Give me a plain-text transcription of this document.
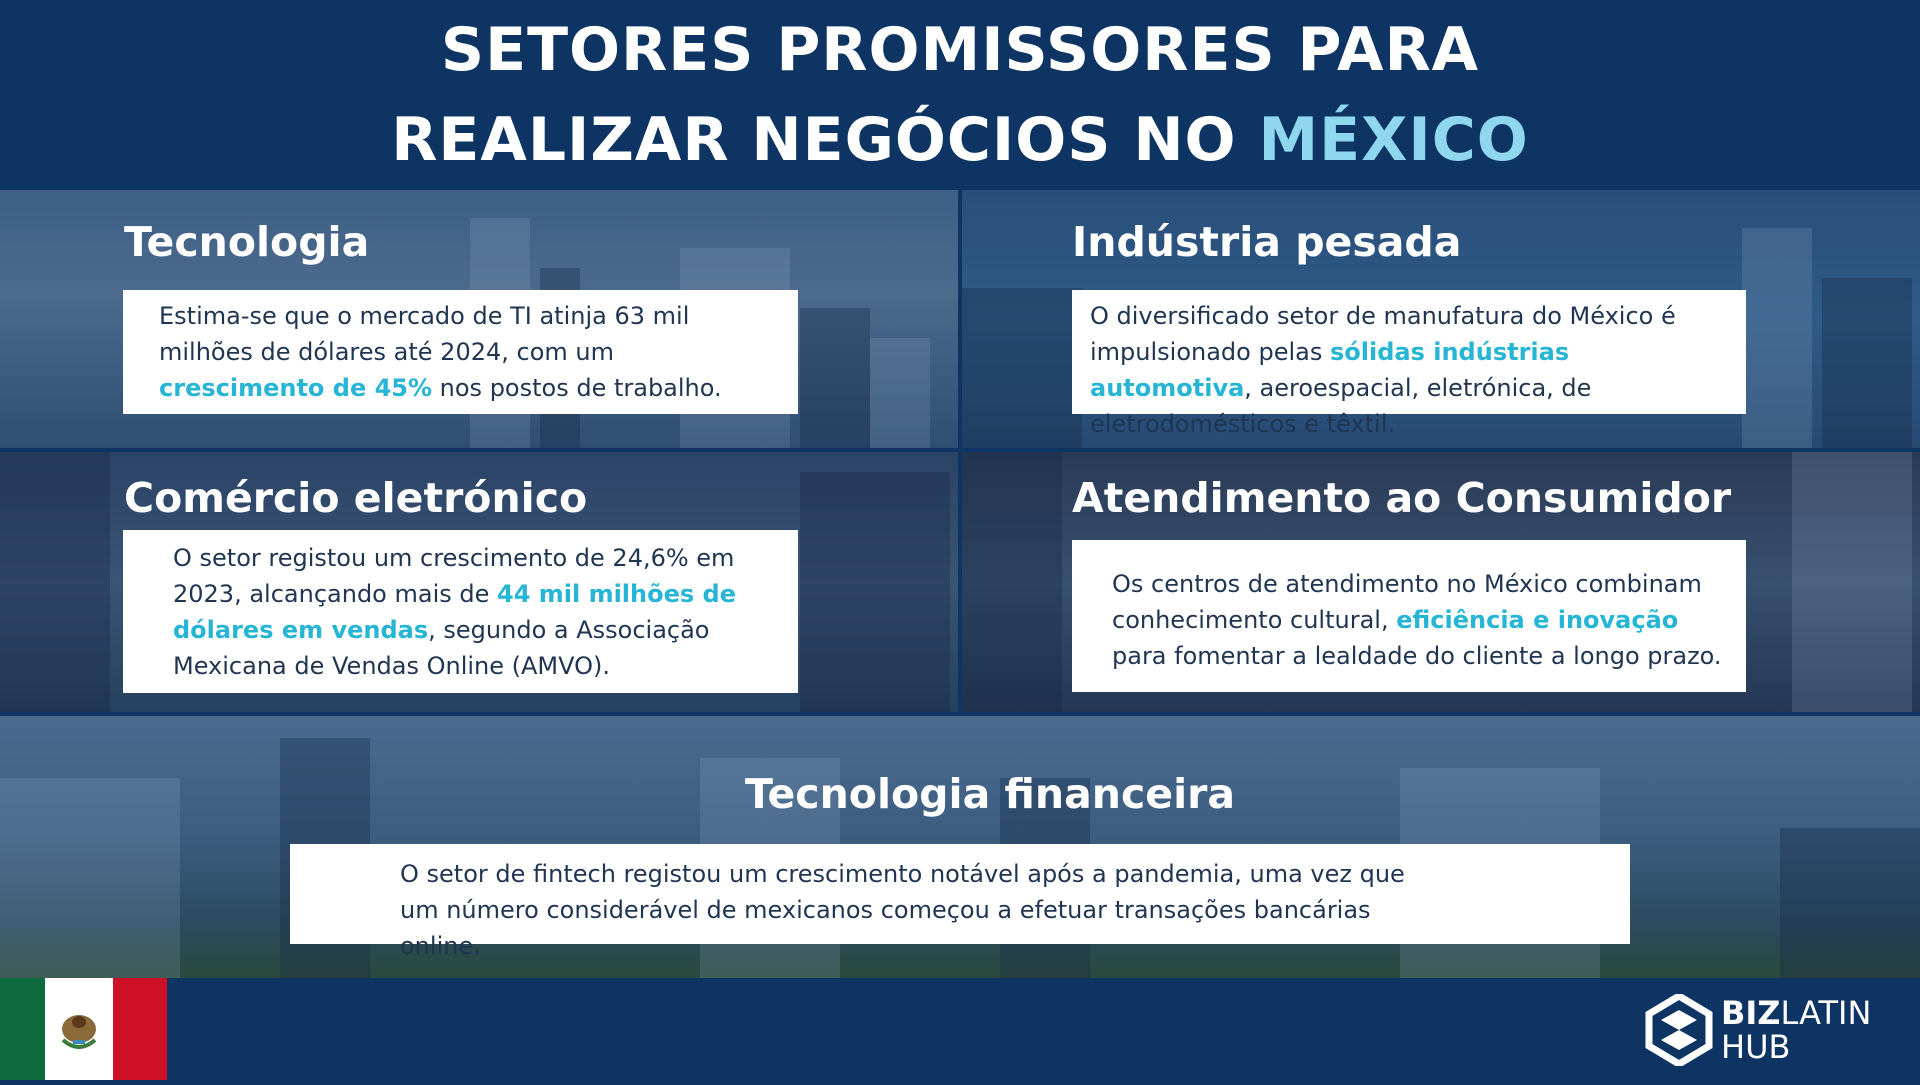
SETORES PROMISSORES PARA
REALIZAR NEGÓCIOS NO MÉXICO
Tecnologia
Estima-se que o mercado de TI atinja 63 mil milhões de dólares até 2024, com um crescimento de 45% nos postos de trabalho.
Indústria pesada
O diversificado setor de manufatura do México é impulsionado pelas sólidas indústrias automotiva, aeroespacial, eletrónica, de eletrodomésticos e têxtil.
Comércio eletrónico
O setor registou um crescimento de 24,6% em 2023, alcançando mais de 44 mil milhões de dólares em vendas, segundo a Associação Mexicana de Vendas Online (AMVO).
Atendimento ao Consumidor
Os centros de atendimento no México combinam conhecimento cultural, eficiência e inovação para fomentar a lealdade do cliente a longo prazo.
Tecnologia financeira
O setor de fintech registou um crescimento notável após a pandemia, uma vez que um número considerável de mexicanos começou a efetuar transações bancárias online.
BIZLATIN
HUB
